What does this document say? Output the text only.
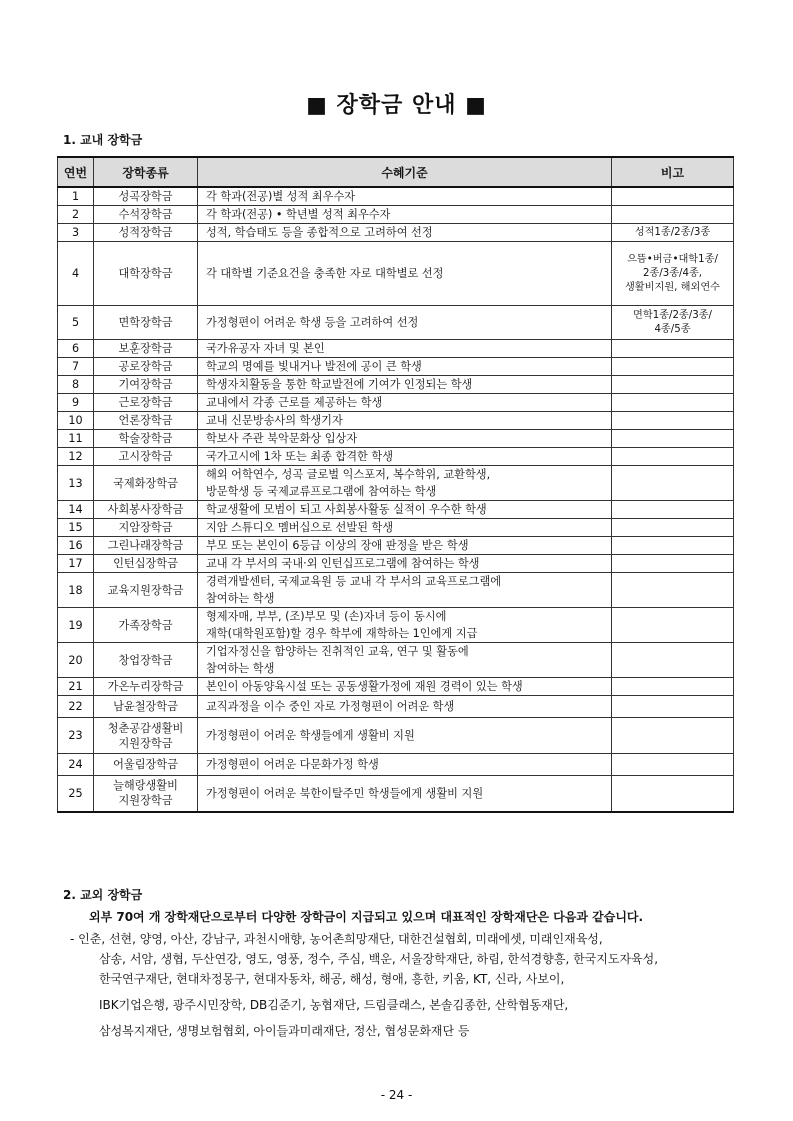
■ 장학금 안내 ■
1. 교내 장학금
연번	장학종류	수혜기준	비고
1	성곡장학금	각 학과(전공)별 성적 최우수자	
2	수석장학금	각 학과(전공) • 학년별 성적 최우수자	
3	성적장학금	성적, 학습태도 등을 종합적으로 고려하여 선정	성적1종/2종/3종
4	대학장학금	각 대학별 기준요건을 충족한 자로 대학별로 선정	으뜸•버금•대학1종/
2종/3종/4종,
생활비지원, 해외연수
5	면학장학금	가정형편이 어려운 학생 등을 고려하여 선정	면학1종/2종/3종/
4종/5종
6	보훈장학금	국가유공자 자녀 및 본인	
7	공로장학금	학교의 명예를 빛내거나 발전에 공이 큰 학생	
8	기여장학금	학생자치활동을 통한 학교발전에 기여가 인정되는 학생	
9	근로장학금	교내에서 각종 근로를 제공하는 학생	
10	언론장학금	교내 신문방송사의 학생기자	
11	학술장학금	학보사 주관 북악문화상 입상자	
12	고시장학금	국가고시에 1차 또는 최종 합격한 학생	
13	국제화장학금	해외 어학연수, 성곡 글로벌 익스포저, 복수학위, 교환학생,
방문학생 등 국제교류프로그램에 참여하는 학생	
14	사회봉사장학금	학교생활에 모범이 되고 사회봉사활동 실적이 우수한 학생	
15	지암장학금	지암 스튜디오 멤버십으로 선발된 학생	
16	그린나래장학금	부모 또는 본인이 6등급 이상의 장애 판정을 받은 학생	
17	인턴십장학금	교내 각 부서의 국내·외 인턴십프로그램에 참여하는 학생	
18	교육지원장학금	경력개발센터, 국제교육원 등 교내 각 부서의 교육프로그램에
참여하는 학생	
19	가족장학금	형제자매, 부부, (조)부모 및 (손)자녀 등이 동시에
재학(대학원포함)할 경우 학부에 재학하는 1인에게 지급	
20	창업장학금	기업자정신을 함양하는 진취적인 교육, 연구 및 활동에
참여하는 학생	
21	가온누리장학금	본인이 아동양육시설 또는 공동생활가정에 재원 경력이 있는 학생	
22	남윤철장학금	교직과정을 이수 중인 자로 가정형편이 어려운 학생	
23	청춘공감생활비
지원장학금	가정형편이 어려운 학생들에게 생활비 지원	
24	어울림장학금	가정형편이 어려운 다문화가정 학생	
25	늘해랑생활비
지원장학금	가정형편이 어려운 북한이탈주민 학생들에게 생활비 지원	
2. 교외 장학금
외부 70여 개 장학재단으로부터 다양한 장학금이 지급되고 있으며 대표적인 장학재단은 다음과 같습니다.
- 인춘, 선현, 양영, 아산, 강남구, 과천시애향, 농어촌희망재단, 대한건설협회, 미래에셋, 미래인재육성,
삼송, 서암, 생협, 두산연강, 영도, 영풍, 정수, 주심, 백운, 서울장학재단, 하림, 한석경향흥, 한국지도자육성,
한국연구재단, 현대차정몽구, 현대자동차, 해공, 해성, 형애, 흥한, 키움, KT, 신라, 사보이,
IBK기업은행, 광주시민장학, DB김준기, 농협재단, 드림클래스, 본솔김종한, 산학협동재단,
삼성복지재단, 생명보험협회, 아이들과미래재단, 정산, 협성문화재단 등
- 24 -
